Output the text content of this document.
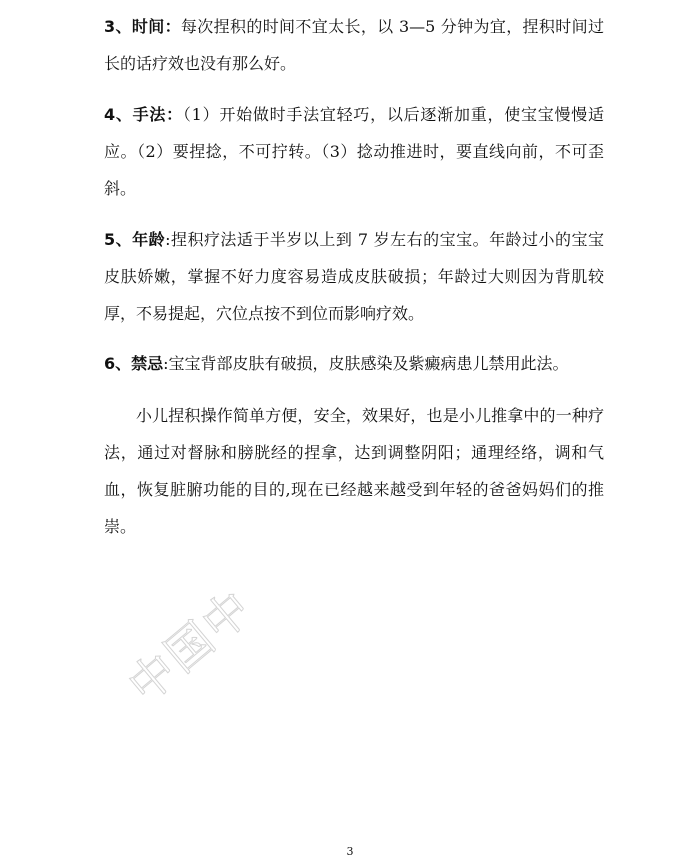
3、时间：每次捏积的时间不宜太长，以 3—5 分钟为宜，捏积时间过长的话疗效也没有那么好。

4、手法：（1）开始做时手法宜轻巧，以后逐渐加重，使宝宝慢慢适应。（2）要捏捻，不可拧转。（3）捻动推进时，要直线向前，不可歪斜。

5、年龄:捏积疗法适于半岁以上到 7 岁左右的宝宝。年龄过小的宝宝皮肤娇嫩，掌握不好力度容易造成皮肤破损；年龄过大则因为背肌较厚，不易提起，穴位点按不到位而影响疗效。

6、禁忌:宝宝背部皮肤有破损，皮肤感染及紫癜病患儿禁用此法。

小儿捏积操作简单方便，安全，效果好，也是小儿推拿中的一种疗法，通过对督脉和膀胱经的捏拿，达到调整阴阳；通理经络，调和气血，恢复脏腑功能的目的,现在已经越来越受到年轻的爸爸妈妈们的推崇。

中国中
3
